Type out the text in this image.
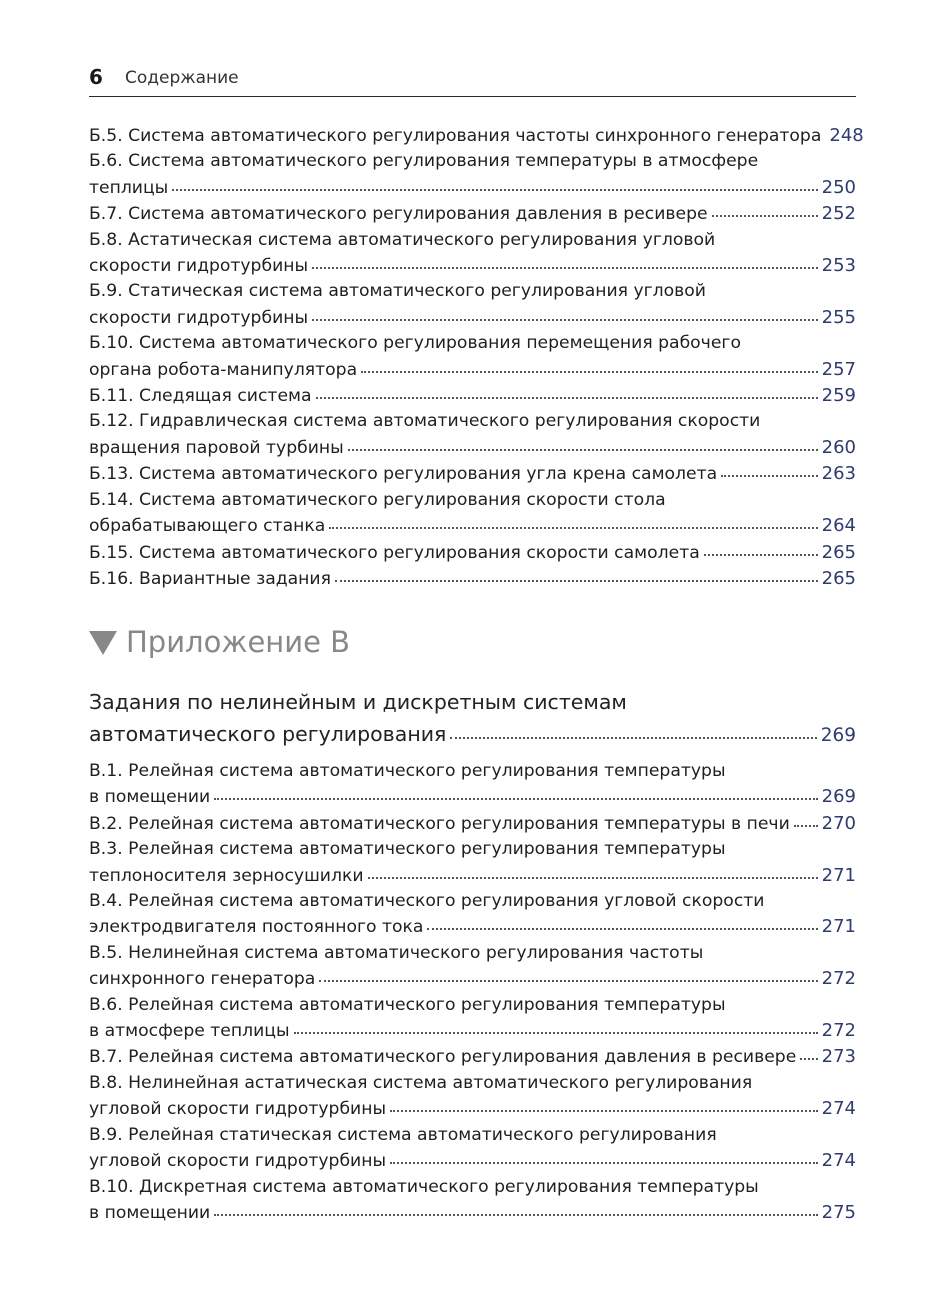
6 Содержание
Б.5. Система автоматического регулирования частоты синхронного генератора 248
Б.6. Система автоматического регулирования температуры в атмосфере
теплицы	250
Б.7. Система автоматического регулирования давления в ресивере	252
Б.8. Астатическая система автоматического регулирования угловой
скорости гидротурбины	253
Б.9. Статическая система автоматического регулирования угловой
скорости гидротурбины	255
Б.10. Система автоматического регулирования перемещения рабочего
органа робота-манипулятора	257
Б.11. Следящая система	259
Б.12. Гидравлическая система автоматического регулирования скорости
вращения паровой турбины	260
Б.13. Система автоматического регулирования угла крена самолета	263
Б.14. Система автоматического регулирования скорости стола
обрабатывающего станка	264
Б.15. Система автоматического регулирования скорости самолета	265
Б.16. Вариантные задания	265
Приложение В
Задания по нелинейным и дискретным системам
автоматического регулирования	269
В.1. Релейная система автоматического регулирования температуры
в помещении	269
В.2. Релейная система автоматического регулирования температуры в печи 270
В.3. Релейная система автоматического регулирования температуры
теплоносителя зерносушилки	271
В.4. Релейная система автоматического регулирования угловой скорости
электродвигателя постоянного тока	271
В.5. Нелинейная система автоматического регулирования частоты
синхронного генератора	272
В.6. Релейная система автоматического регулирования температуры
в атмосфере теплицы	272
В.7. Релейная система автоматического регулирования давления в ресивере 273
В.8. Нелинейная астатическая система автоматического регулирования
угловой скорости гидротурбины	274
В.9. Релейная статическая система автоматического регулирования
угловой скорости гидротурбины	274
В.10. Дискретная система автоматического регулирования температуры
в помещении	275
